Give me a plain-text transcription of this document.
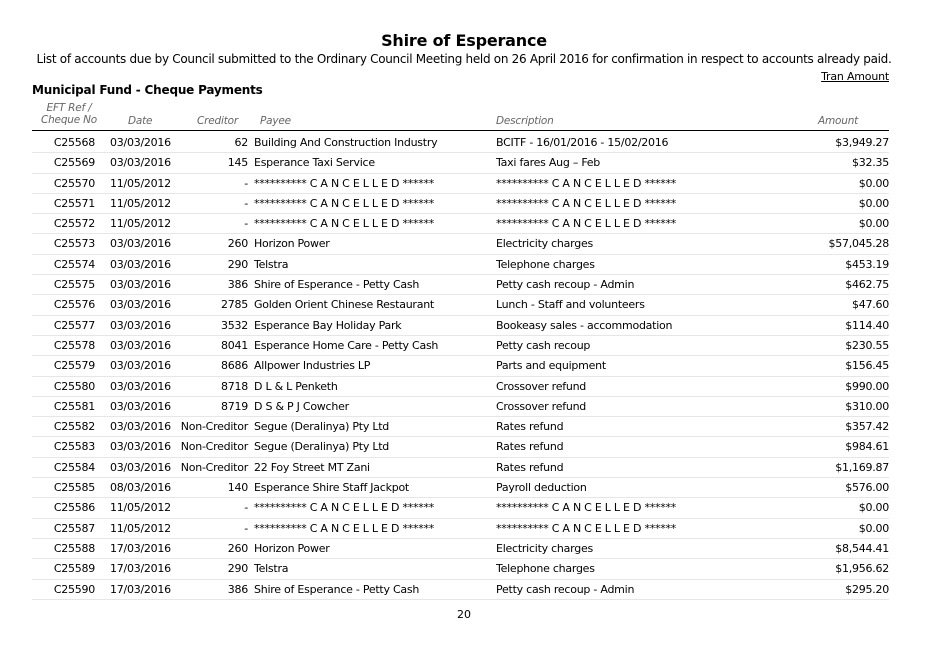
Shire of Esperance
List of accounts due by Council submitted to the Ordinary Council Meeting held on 26 April 2016 for confirmation in respect to accounts already paid.
Tran Amount
Municipal Fund - Cheque Payments
EFT Ref /
Cheque No	Date	Creditor Payee	Description	Amount
C25568 03/03/2016	62 Building And Construction Industry	BCITF - 16/01/2016 - 15/02/2016	$3,949.27
C25569 03/03/2016	145 Esperance Taxi Service	Taxi fares Aug – Feb	$32.35
C25570 11/05/2012	- ********** C A N C E L L E D ******	********** C A N C E L L E D ******	$0.00
C25571 11/05/2012	- ********** C A N C E L L E D ******	********** C A N C E L L E D ******	$0.00
C25572 11/05/2012	- ********** C A N C E L L E D ******	********** C A N C E L L E D ******	$0.00
C25573 03/03/2016	260 Horizon Power	Electricity charges	$57,045.28
C25574 03/03/2016	290 Telstra	Telephone charges	$453.19
C25575 03/03/2016	386 Shire of Esperance - Petty Cash	Petty cash recoup - Admin	$462.75
C25576 03/03/2016	2785 Golden Orient Chinese Restaurant	Lunch - Staff and volunteers	$47.60
C25577 03/03/2016	3532 Esperance Bay Holiday Park	Bookeasy sales - accommodation	$114.40
C25578 03/03/2016	8041 Esperance Home Care - Petty Cash	Petty cash recoup	$230.55
C25579 03/03/2016	8686 Allpower Industries LP	Parts and equipment	$156.45
C25580 03/03/2016	8718 D L & L Penketh	Crossover refund	$990.00
C25581 03/03/2016	8719 D S & P J Cowcher	Crossover refund	$310.00
C25582 03/03/2016 Non-Creditor Segue (Deralinya) Pty Ltd	Rates refund	$357.42
C25583 03/03/2016 Non-Creditor Segue (Deralinya) Pty Ltd	Rates refund	$984.61
C25584 03/03/2016 Non-Creditor 22 Foy Street MT Zani	Rates refund	$1,169.87
C25585 08/03/2016	140 Esperance Shire Staff Jackpot	Payroll deduction	$576.00
C25586 11/05/2012	- ********** C A N C E L L E D ******	********** C A N C E L L E D ******	$0.00
C25587 11/05/2012	- ********** C A N C E L L E D ******	********** C A N C E L L E D ******	$0.00
C25588 17/03/2016	260 Horizon Power	Electricity charges	$8,544.41
C25589 17/03/2016	290 Telstra	Telephone charges	$1,956.62
C25590 17/03/2016	386 Shire of Esperance - Petty Cash	Petty cash recoup - Admin	$295.20
20
